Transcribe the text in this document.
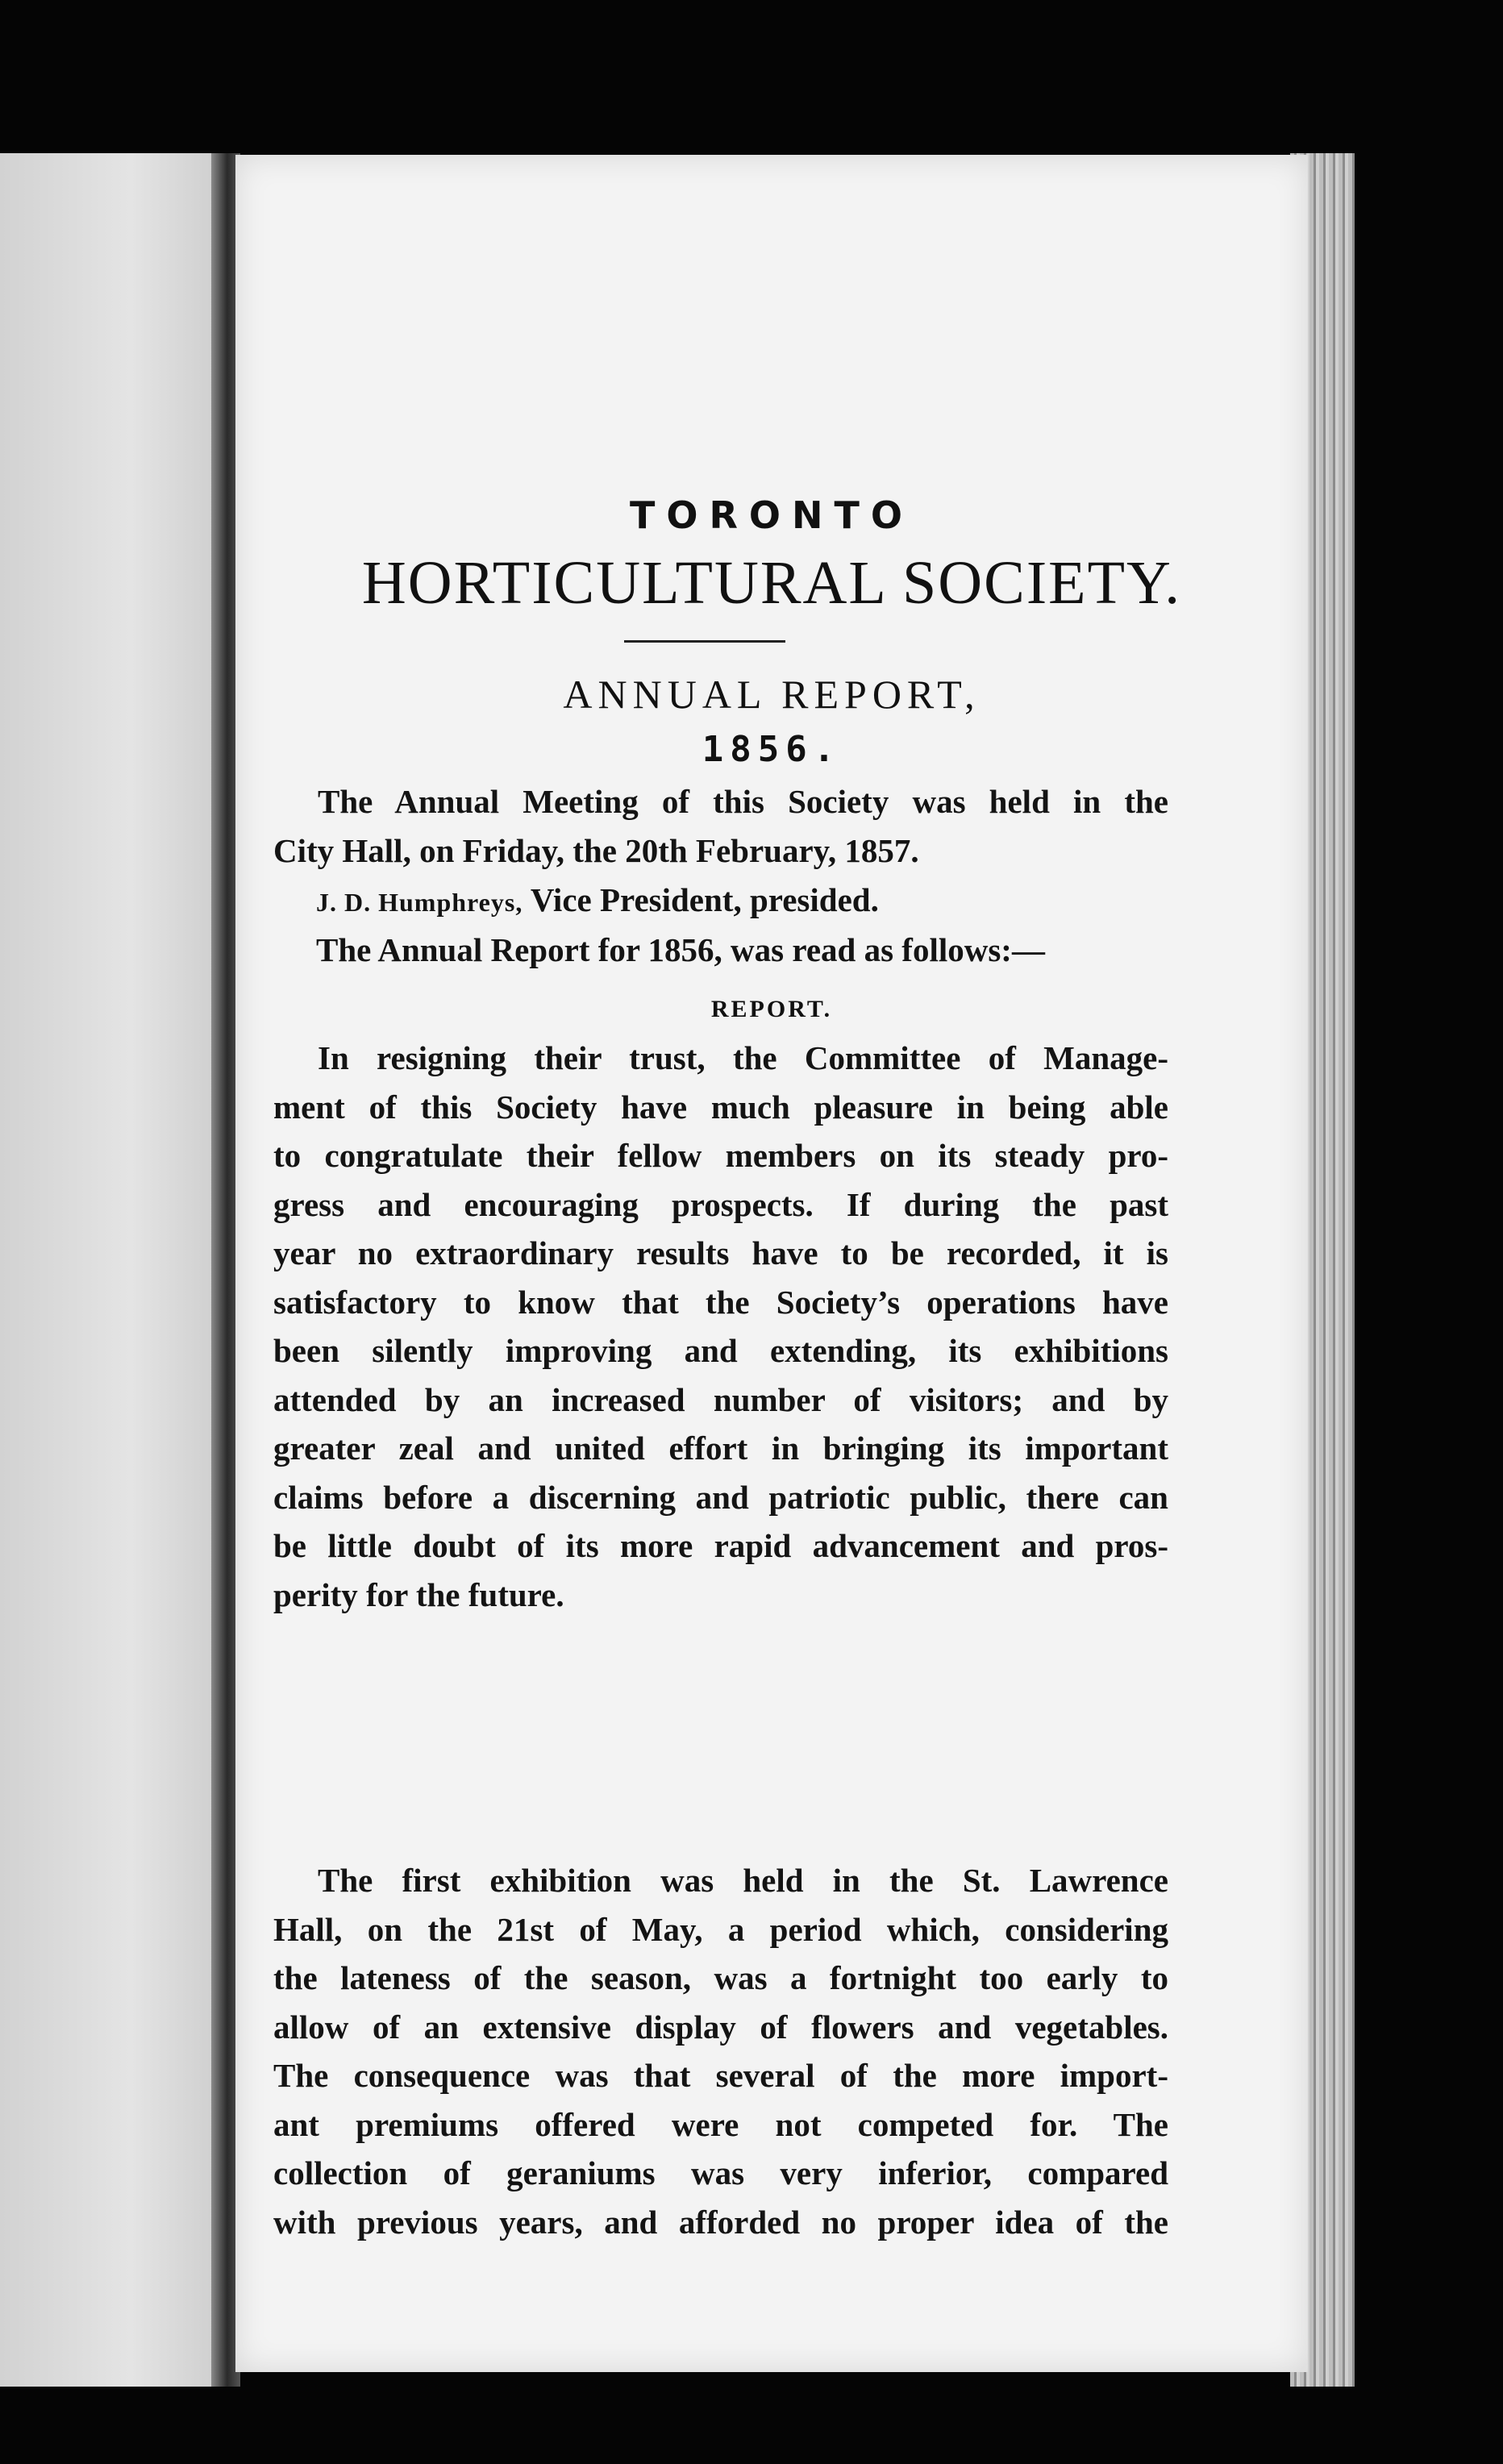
TORONTO
HORTICULTURAL SOCIETY.
ANNUAL REPORT,
1856.
The Annual Meeting of this Society was held in the
City Hall, on Friday, the 20th February, 1857.
J. D. Humphreys, Vice President, presided.
The Annual Report for 1856, was read as follows:—
REPORT.
In resigning their trust, the Committee of Manage-
ment of this Society have much pleasure in being able
to congratulate their fellow members on its steady pro-
gress and encouraging prospects. If during the past
year no extraordinary results have to be recorded, it is
satisfactory to know that the Society’s operations have
been silently improving and extending, its exhibitions
attended by an increased number of visitors; and by
greater zeal and united effort in bringing its important
claims before a discerning and patriotic public, there can
be little doubt of its more rapid advancement and pros-
perity for the future.
The first exhibition was held in the St. Lawrence
Hall, on the 21st of May, a period which, considering
the lateness of the season, was a fortnight too early to
allow of an extensive display of flowers and vegetables.
The consequence was that several of the more import-
ant premiums offered were not competed for. The
collection of geraniums was very inferior, compared
with previous years, and afforded no proper idea of the
